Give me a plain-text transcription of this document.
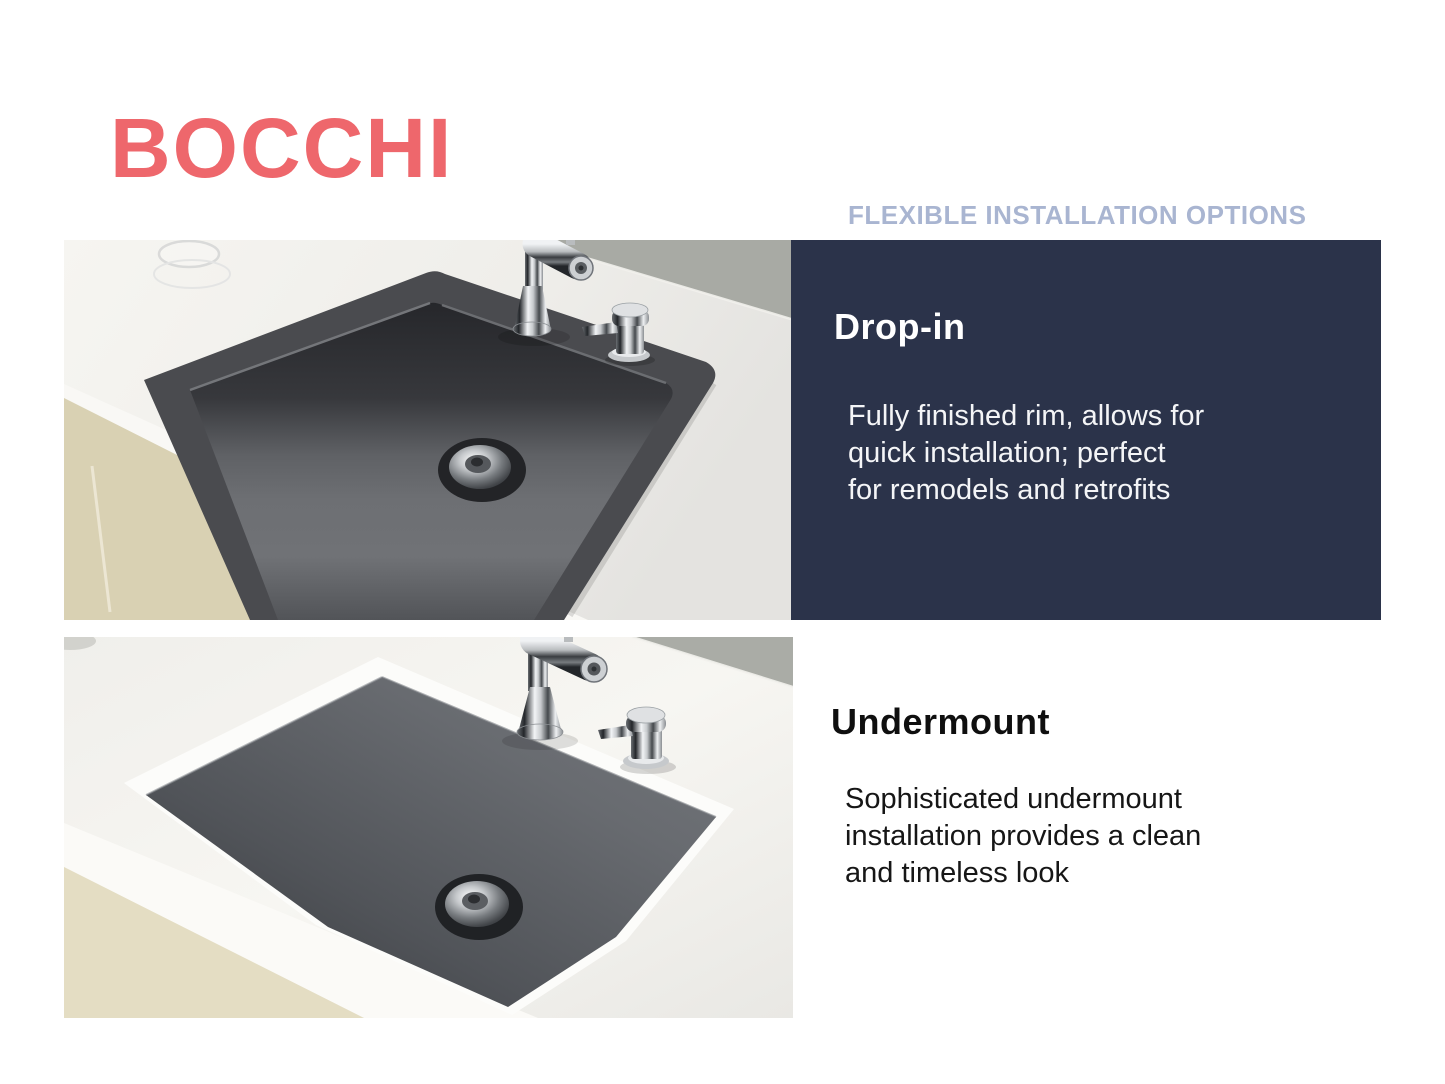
BOCCHI
FLEXIBLE INSTALLATION OPTIONS
Drop-in
Fully finished rim, allows for
quick installation; perfect
for remodels and retrofits
Undermount
Sophisticated undermount
installation provides a clean
and timeless look
